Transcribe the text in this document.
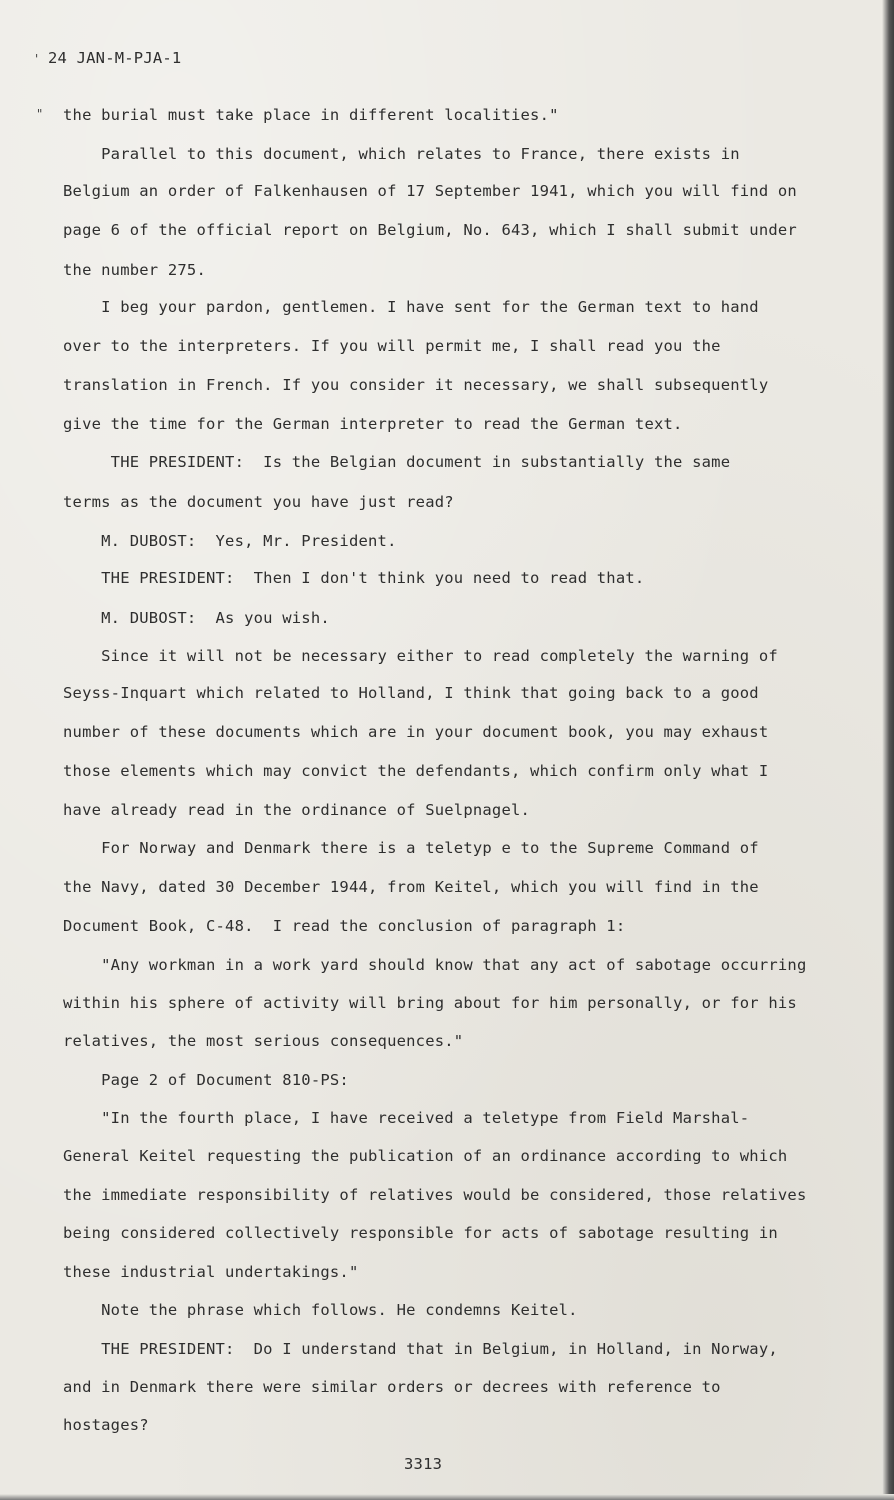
' 24 JAN-M-PJA-1
" the burial must take place in different localities."
Parallel to this document, which relates to France, there exists in
Belgium an order of Falkenhausen of 17 September 1941, which you will find on
page 6 of the official report on Belgium, No. 643, which I shall submit under
the number 275.
I beg your pardon, gentlemen. I have sent for the German text to hand
over to the interpreters. If you will permit me, I shall read you the
translation in French. If you consider it necessary, we shall subsequently
give the time for the German interpreter to read the German text.
THE PRESIDENT:  Is the Belgian document in substantially the same
terms as the document you have just read?
M. DUBOST:  Yes, Mr. President.
THE PRESIDENT:  Then I don't think you need to read that.
M. DUBOST:  As you wish.
Since it will not be necessary either to read completely the warning of
Seyss-Inquart which related to Holland, I think that going back to a good
number of these documents which are in your document book, you may exhaust
those elements which may convict the defendants, which confirm only what I
have already read in the ordinance of Suelpnagel.
For Norway and Denmark there is a teletyp e to the Supreme Command of
the Navy, dated 30 December 1944, from Keitel, which you will find in the
Document Book, C-48.  I read the conclusion of paragraph 1:
"Any workman in a work yard should know that any act of sabotage occurring
within his sphere of activity will bring about for him personally, or for his
relatives, the most serious consequences."
Page 2 of Document 810-PS:
"In the fourth place, I have received a teletype from Field Marshal-
General Keitel requesting the publication of an ordinance according to which
the immediate responsibility of relatives would be considered, those relatives
being considered collectively responsible for acts of sabotage resulting in
these industrial undertakings."
Note the phrase which follows. He condemns Keitel.
THE PRESIDENT:  Do I understand that in Belgium, in Holland, in Norway,
and in Denmark there were similar orders or decrees with reference to
hostages?
3313
